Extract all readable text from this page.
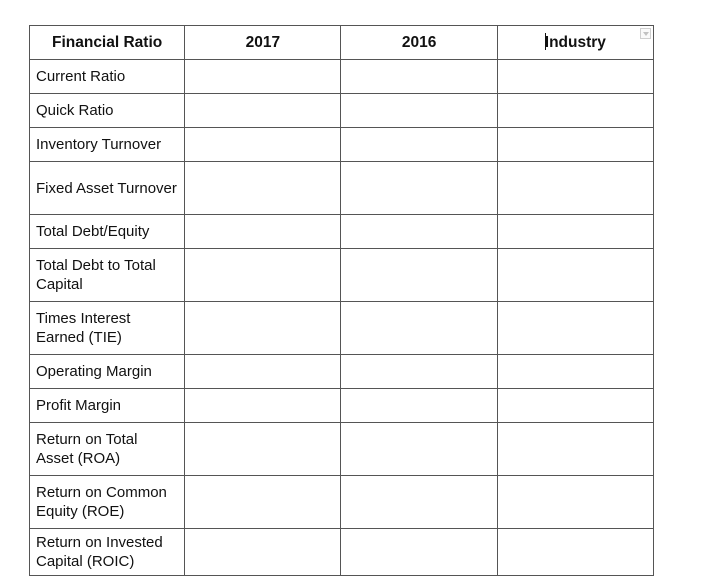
Financial Ratio	2017	2016	Industry

Current Ratio			
Quick Ratio			
Inventory Turnover			
Fixed Asset Turnover			
Total Debt/Equity			
Total Debt to Total Capital			
Times Interest Earned (TIE)			
Operating Margin			
Profit Margin			
Return on Total Asset (ROA)			
Return on Common Equity (ROE)			
Return on Invested Capital (ROIC)			
